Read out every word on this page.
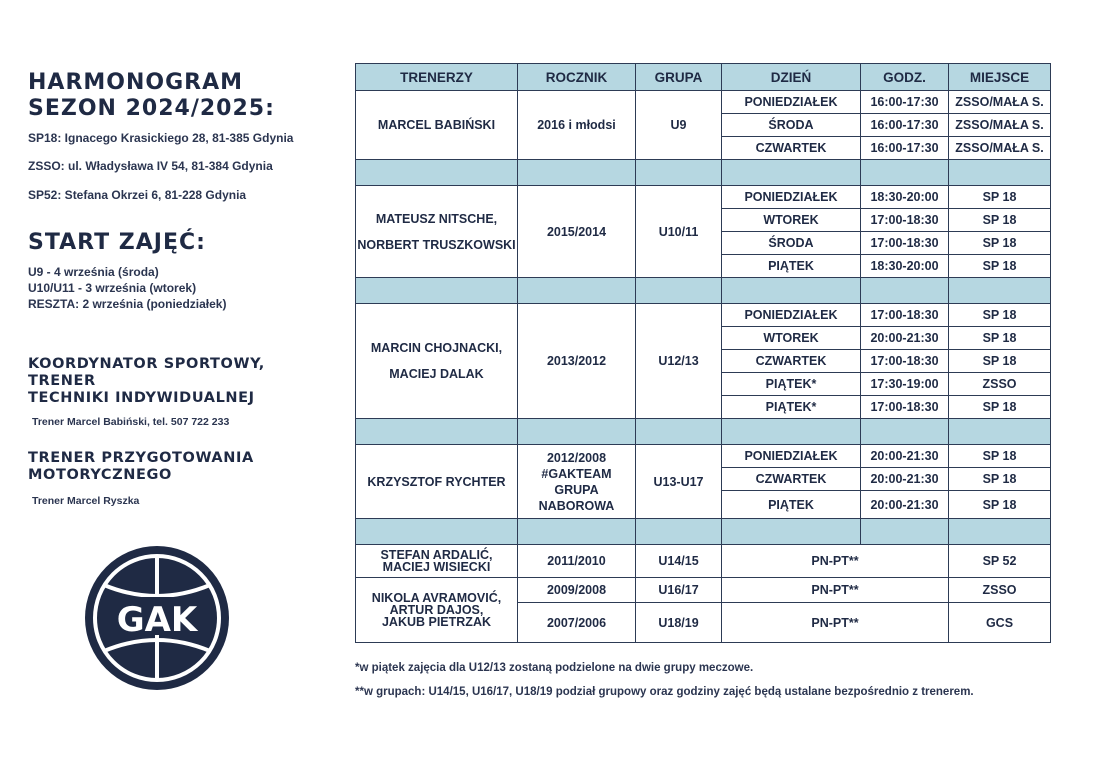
HARMONOGRAM
SEZON 2024/2025:
SP18: Ignacego Krasickiego 28, 81-385 Gdynia
ZSSO: ul. Władysława IV 54, 81-384 Gdynia
SP52: Stefana Okrzei 6, 81-228 Gdynia
START ZAJĘĆ:
U9 - 4 września (środa)
U10/U11 - 3 września (wtorek)
RESZTA: 2 września (poniedziałek)
KOORDYNATOR SPORTOWY,
TRENER
TECHNIKI INDYWIDUALNEJ
Trener Marcel Babiński, tel. 507 722 233
TRENER PRZYGOTOWANIA
MOTORYCZNEGO
Trener Marcel Ryszka
GAK
TRENERZY	ROCZNIK	GRUPA	DZIEŃ	GODZ.	MIEJSCE
MARCEL BABIŃSKI	2016 i młodsi	U9	PONIEDZIAŁEK	16:00-17:30	ZSSO/MAŁA S.
			ŚRODA	16:00-17:30	ZSSO/MAŁA S.
			CZWARTEK	16:00-17:30	ZSSO/MAŁA S.

MATEUSZ NITSCHE,
NORBERT TRUSZKOWSKI	2015/2014	U10/11	PONIEDZIAŁEK	18:30-20:00	SP 18
			WTOREK	17:00-18:30	SP 18
			ŚRODA	17:00-18:30	SP 18
			PIĄTEK	18:30-20:00	SP 18

MARCIN CHOJNACKI,
MACIEJ DALAK	2013/2012	U12/13	PONIEDZIAŁEK	17:00-18:30	SP 18
			WTOREK	20:00-21:30	SP 18
			CZWARTEK	17:00-18:30	SP 18
			PIĄTEK*	17:30-19:00	ZSSO
			PIĄTEK*	17:00-18:30	SP 18

KRZYSZTOF RYCHTER	2012/2008
#GAKTEAM
GRUPA
NABOROWA	U13-U17	PONIEDZIAŁEK	20:00-21:30	SP 18
			CZWARTEK	20:00-21:30	SP 18
			PIĄTEK	20:00-21:30	SP 18

STEFAN ARDALIĆ,
MACIEJ WISIECKI	2011/2010	U14/15	PN-PT**		SP 52

NIKOLA AVRAMOVIĆ,
ARTUR DAJOS,
JAKUB PIETRZAK	2009/2008	U16/17	PN-PT**		ZSSO
	2007/2006	U18/19	PN-PT**		GCS
*w piątek zajęcia dla U12/13 zostaną podzielone na dwie grupy meczowe.
**w grupach: U14/15, U16/17, U18/19 podział grupowy oraz godziny zajęć będą ustalane bezpośrednio z trenerem.
